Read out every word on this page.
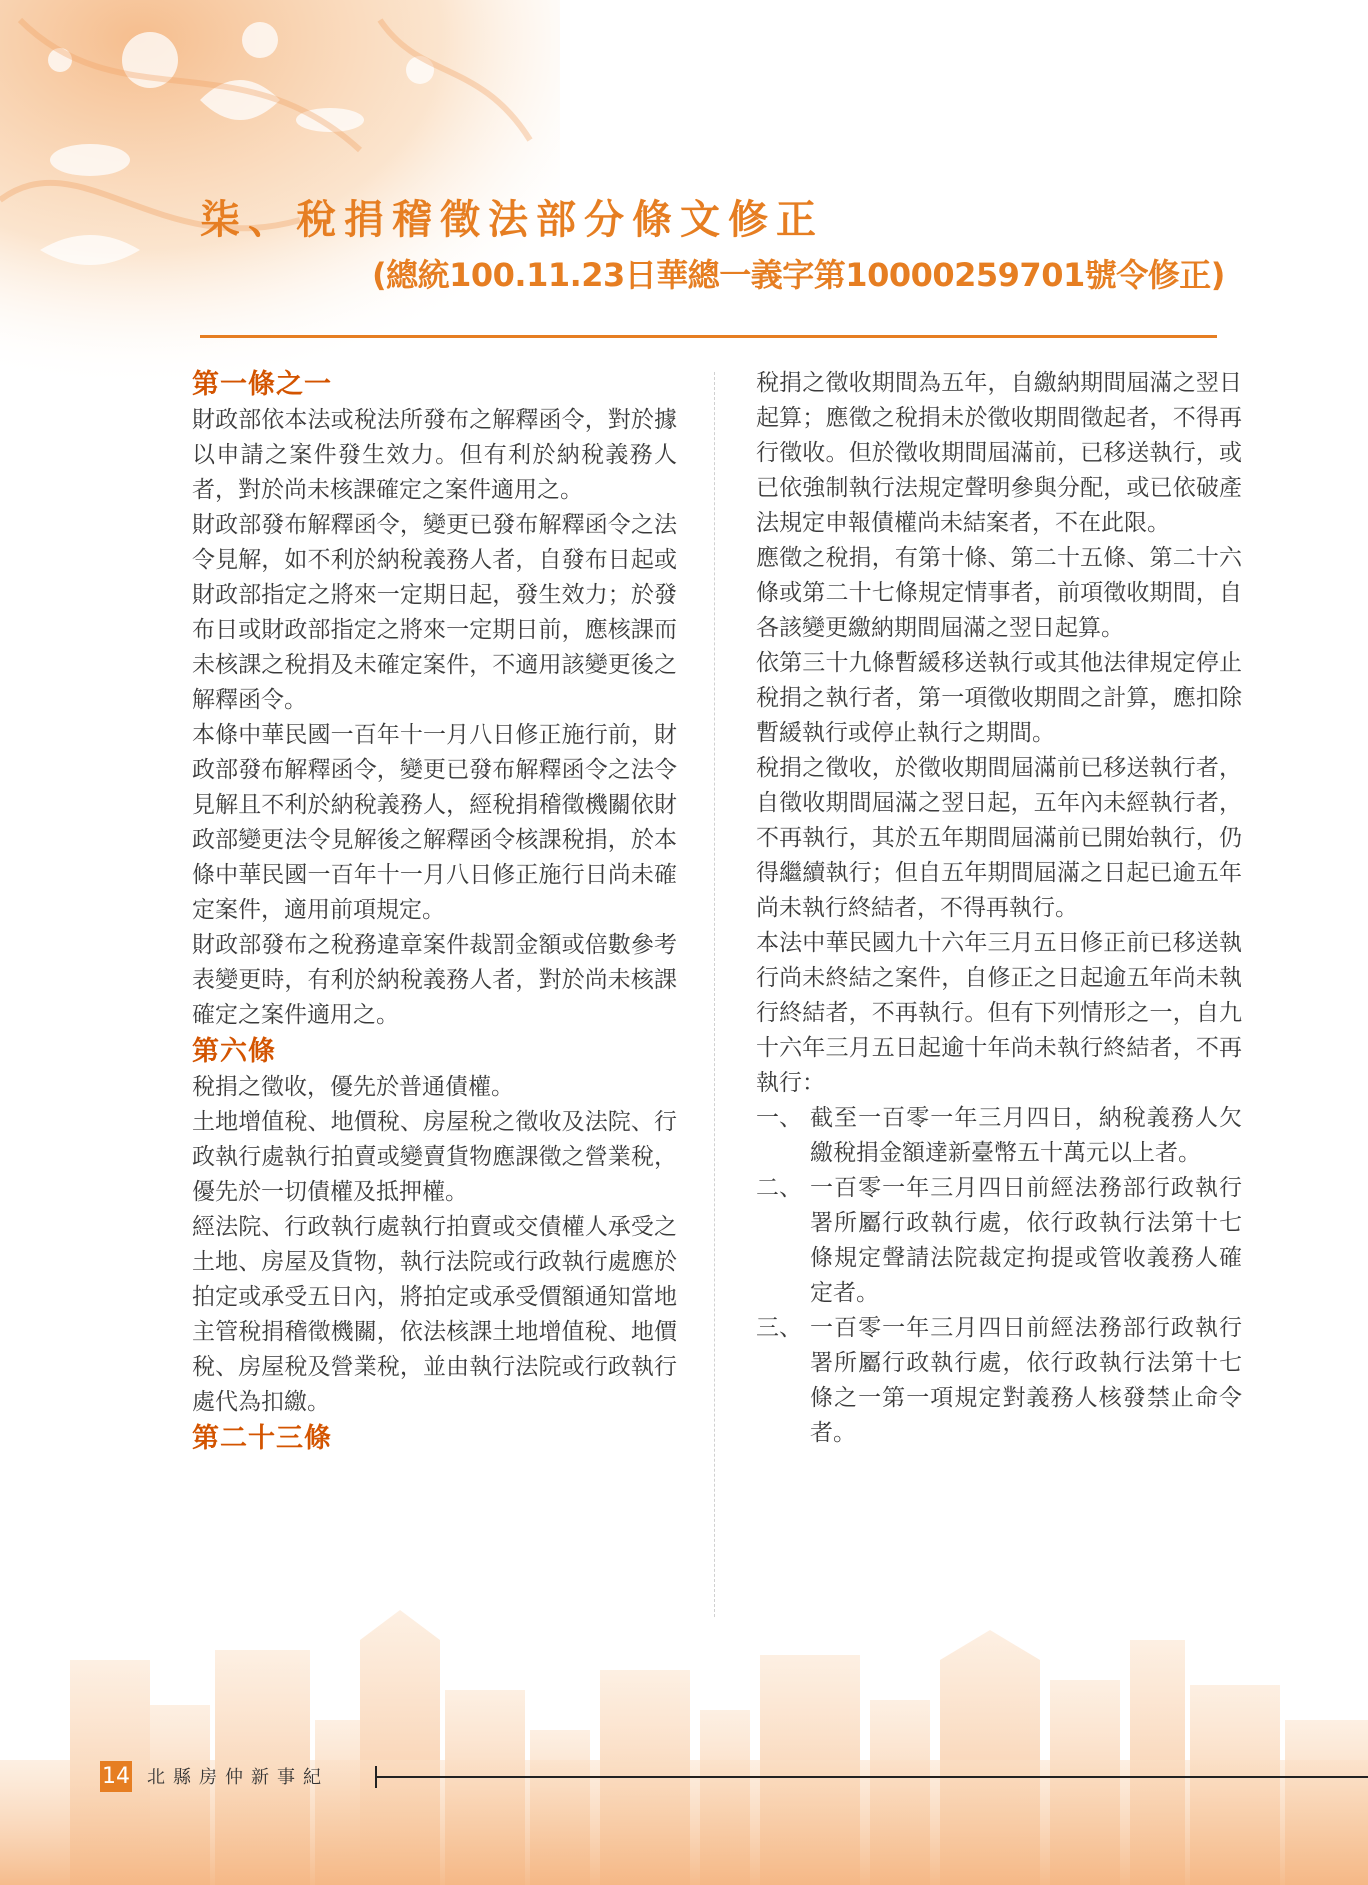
柒、稅捐稽徵法部分條文修正
(總統100.11.23日華總一義字第10000259701號令修正)
第一條之一
財政部依本法或稅法所發布之解釋函令，對於據以申請之案件發生效力。但有利於納稅義務人者，對於尚未核課確定之案件適用之。
財政部發布解釋函令，變更已發布解釋函令之法令見解，如不利於納稅義務人者，自發布日起或財政部指定之將來一定期日起，發生效力；於發布日或財政部指定之將來一定期日前，應核課而未核課之稅捐及未確定案件，不適用該變更後之解釋函令。
本條中華民國一百年十一月八日修正施行前，財政部發布解釋函令，變更已發布解釋函令之法令見解且不利於納稅義務人，經稅捐稽徵機關依財政部變更法令見解後之解釋函令核課稅捐，於本條中華民國一百年十一月八日修正施行日尚未確定案件，適用前項規定。
財政部發布之稅務違章案件裁罰金額或倍數參考表變更時，有利於納稅義務人者，對於尚未核課確定之案件適用之。
第六條
稅捐之徵收，優先於普通債權。
土地增值稅、地價稅、房屋稅之徵收及法院、行政執行處執行拍賣或變賣貨物應課徵之營業稅，優先於一切債權及抵押權。
經法院、行政執行處執行拍賣或交債權人承受之土地、房屋及貨物，執行法院或行政執行處應於拍定或承受五日內，將拍定或承受價額通知當地主管稅捐稽徵機關，依法核課土地增值稅、地價稅、房屋稅及營業稅，並由執行法院或行政執行處代為扣繳。
第二十三條
稅捐之徵收期間為五年，自繳納期間屆滿之翌日起算；應徵之稅捐未於徵收期間徵起者，不得再行徵收。但於徵收期間屆滿前，已移送執行，或已依強制執行法規定聲明參與分配，或已依破產法規定申報債權尚未結案者，不在此限。
應徵之稅捐，有第十條、第二十五條、第二十六條或第二十七條規定情事者，前項徵收期間，自各該變更繳納期間屆滿之翌日起算。
依第三十九條暫緩移送執行或其他法律規定停止稅捐之執行者，第一項徵收期間之計算，應扣除暫緩執行或停止執行之期間。
稅捐之徵收，於徵收期間屆滿前已移送執行者，自徵收期間屆滿之翌日起，五年內未經執行者，不再執行，其於五年期間屆滿前已開始執行，仍得繼續執行；但自五年期間屆滿之日起已逾五年尚未執行終結者，不得再執行。
本法中華民國九十六年三月五日修正前已移送執行尚未終結之案件，自修正之日起逾五年尚未執行終結者，不再執行。但有下列情形之一，自九十六年三月五日起逾十年尚未執行終結者，不再執行：
一、 截至一百零一年三月四日，納稅義務人欠繳稅捐金額達新臺幣五十萬元以上者。
二、 一百零一年三月四日前經法務部行政執行署所屬行政執行處，依行政執行法第十七條規定聲請法院裁定拘提或管收義務人確定者。
三、 一百零一年三月四日前經法務部行政執行署所屬行政執行處，依行政執行法第十七條之一第一項規定對義務人核發禁止命令者。
14 北縣房仲新事紀
